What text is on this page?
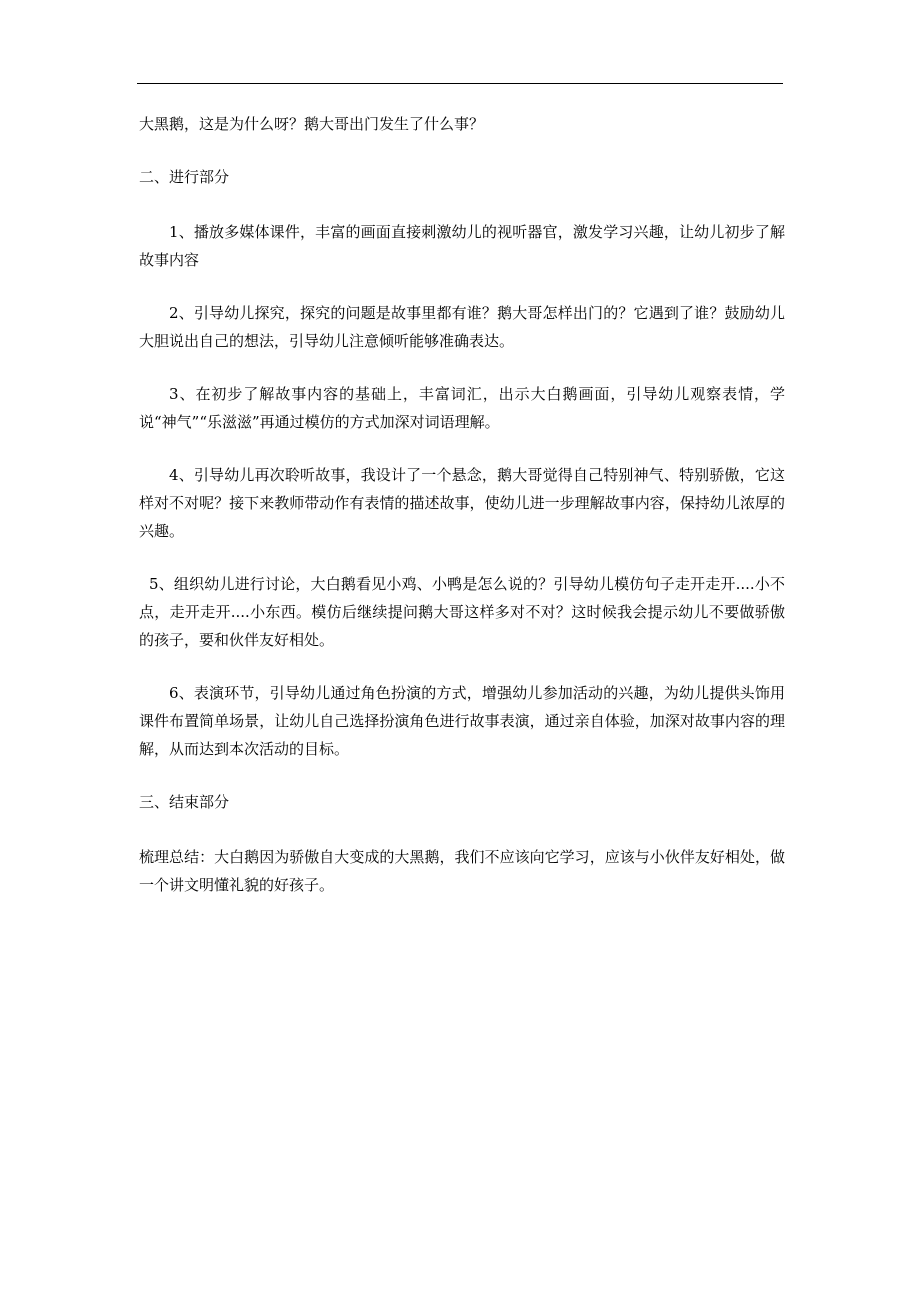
大黑鹅，这是为什么呀？鹅大哥出门发生了什么事？

二、进行部分

1、播放多媒体课件，丰富的画面直接刺激幼儿的视听器官，激发学习兴趣，让幼儿初步了解故事内容

2、引导幼儿探究，探究的问题是故事里都有谁？鹅大哥怎样出门的？它遇到了谁？鼓励幼儿大胆说出自己的想法，引导幼儿注意倾听能够准确表达。

3、在初步了解故事内容的基础上，丰富词汇，出示大白鹅画面，引导幼儿观察表情，学说“神气”“乐滋滋”再通过模仿的方式加深对词语理解。

4、引导幼儿再次聆听故事，我设计了一个悬念，鹅大哥觉得自己特别神气、特别骄傲，它这样对不对呢？接下来教师带动作有表情的描述故事，使幼儿进一步理解故事内容，保持幼儿浓厚的兴趣。

5、组织幼儿进行讨论，大白鹅看见小鸡、小鸭是怎么说的？引导幼儿模仿句子走开走开....小不点，走开走开....小东西。模仿后继续提问鹅大哥这样多对不对？这时候我会提示幼儿不要做骄傲的孩子，要和伙伴友好相处。

6、表演环节，引导幼儿通过角色扮演的方式，增强幼儿参加活动的兴趣，为幼儿提供头饰用课件布置简单场景，让幼儿自己选择扮演角色进行故事表演，通过亲自体验，加深对故事内容的理解，从而达到本次活动的目标。

三、结束部分

梳理总结：大白鹅因为骄傲自大变成的大黑鹅，我们不应该向它学习，应该与小伙伴友好相处，做一个讲文明懂礼貌的好孩子。
